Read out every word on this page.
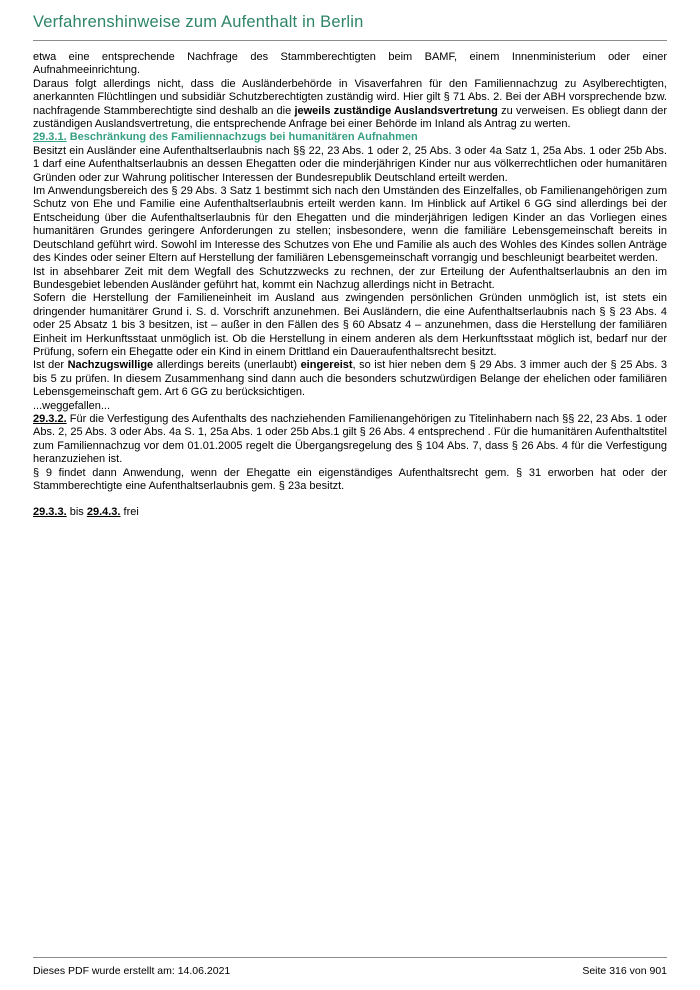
Verfahrenshinweise zum Aufenthalt in Berlin

etwa eine entsprechende Nachfrage des Stammberechtigten beim BAMF, einem Innenministerium oder einer Aufnahmeeinrichtung.

Daraus folgt allerdings nicht, dass die Ausländerbehörde in Visaverfahren für den Familiennachzug zu Asylberechtigten, anerkannten Flüchtlingen und subsidiär Schutzberechtigten zuständig wird. Hier gilt § 71 Abs. 2. Bei der ABH vorsprechende bzw. nachfragende Stammberechtigte sind deshalb an die jeweils zuständige Auslandsvertretung zu verweisen. Es obliegt dann der zuständigen Auslandsvertretung, die entsprechende Anfrage bei einer Behörde im Inland als Antrag zu werten.

29.3.1. Beschränkung des Familiennachzugs bei humanitären Aufnahmen

Besitzt ein Ausländer eine Aufenthaltserlaubnis nach §§ 22, 23 Abs. 1 oder 2, 25 Abs. 3 oder 4a Satz 1, 25a Abs. 1 oder 25b Abs. 1 darf eine Aufenthaltserlaubnis an dessen Ehegatten oder die minderjährigen Kinder nur aus völkerrechtlichen oder humanitären Gründen oder zur Wahrung politischer Interessen der Bundesrepublik Deutschland erteilt werden.

Im Anwendungsbereich des § 29 Abs. 3 Satz 1 bestimmt sich nach den Umständen des Einzelfalles, ob Familienangehörigen zum Schutz von Ehe und Familie eine Aufenthaltserlaubnis erteilt werden kann. Im Hinblick auf Artikel 6 GG sind allerdings bei der Entscheidung über die Aufenthaltserlaubnis für den Ehegatten und die minderjährigen ledigen Kinder an das Vorliegen eines humanitären Grundes geringere Anforderungen zu stellen; insbesondere, wenn die familiäre Lebensgemeinschaft bereits in Deutschland geführt wird. Sowohl im Interesse des Schutzes von Ehe und Familie als auch des Wohles des Kindes sollen Anträge des Kindes oder seiner Eltern auf Herstellung der familiären Lebensgemeinschaft vorrangig und beschleunigt bearbeitet werden.

Ist in absehbarer Zeit mit dem Wegfall des Schutzzwecks zu rechnen, der zur Erteilung der Aufenthaltserlaubnis an den im Bundesgebiet lebenden Ausländer geführt hat, kommt ein Nachzug allerdings nicht in Betracht.

Sofern die Herstellung der Familieneinheit im Ausland aus zwingenden persönlichen Gründen unmöglich ist, ist stets ein dringender humanitärer Grund i. S. d. Vorschrift anzunehmen. Bei Ausländern, die eine Aufenthaltserlaubnis nach § § 23 Abs. 4 oder 25 Absatz 1 bis 3 besitzen, ist – außer in den Fällen des § 60 Absatz 4 – anzunehmen, dass die Herstellung der familiären Einheit im Herkunftsstaat unmöglich ist. Ob die Herstellung in einem anderen als dem Herkunftsstaat möglich ist, bedarf nur der Prüfung, sofern ein Ehegatte oder ein Kind in einem Drittland ein Daueraufenthaltsrecht besitzt.

Ist der Nachzugswillige allerdings bereits (unerlaubt) eingereist, so ist hier neben dem § 29 Abs. 3 immer auch der § 25 Abs. 3 bis 5 zu prüfen. In diesem Zusammenhang sind dann auch die besonders schutzwürdigen Belange der ehelichen oder familiären Lebensgemeinschaft gem. Art 6 GG zu berücksichtigen.

...weggefallen...

29.3.2. Für die Verfestigung des Aufenthalts des nachziehenden Familienangehörigen zu Titelinhabern nach §§ 22, 23 Abs. 1 oder Abs. 2, 25 Abs. 3 oder Abs. 4a S. 1, 25a Abs. 1 oder 25b Abs.1 gilt § 26 Abs. 4 entsprechend . Für die humanitären Aufenthaltstitel zum Familiennachzug vor dem 01.01.2005 regelt die Übergangsregelung des § 104 Abs. 7, dass § 26 Abs. 4 für die Verfestigung heranzuziehen ist.

§ 9 findet dann Anwendung, wenn der Ehegatte ein eigenständiges Aufenthaltsrecht gem. § 31 erworben hat oder der Stammberechtigte eine Aufenthaltserlaubnis gem. § 23a besitzt.

29.3.3. bis 29.4.3. frei

Dieses PDF wurde erstellt am: 14.06.2021	Seite 316 von 901
